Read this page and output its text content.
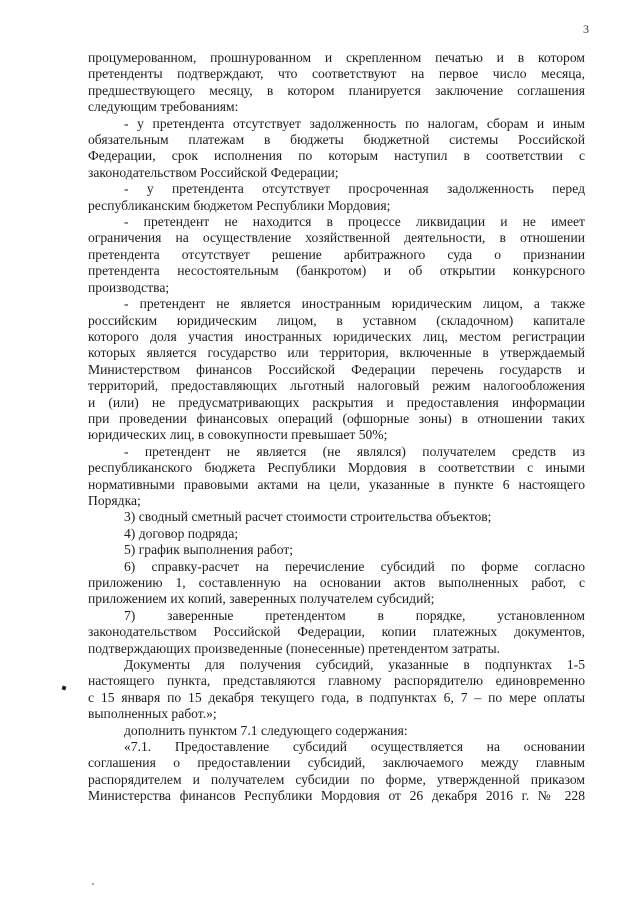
3
процумерованном, прошнурованном и скрепленном печатью и в котором
претенденты подтверждают, что соответствуют на первое число месяца,
предшествующего месяцу, в котором планируется заключение соглашения
следующим требованиям:
- у претендента отсутствует задолженность по налогам, сборам и иным
обязательным платежам в бюджеты бюджетной системы Российской
Федерации, срок исполнения по которым наступил в соответствии с
законодательством Российской Федерации;
- у претендента отсутствует просроченная задолженность перед
республиканским бюджетом Республики Мордовия;
- претендент не находится в процессе ликвидации и не имеет
ограничения на осуществление хозяйственной деятельности, в отношении
претендента отсутствует решение арбитражного суда о признании
претендента несостоятельным (банкротом) и об открытии конкурсного
производства;
- претендент не является иностранным юридическим лицом, а также
российским юридическим лицом, в уставном (складочном) капитале
которого доля участия иностранных юридических лиц, местом регистрации
которых является государство или территория, включенные в утверждаемый
Министерством финансов Российской Федерации перечень государств и
территорий, предоставляющих льготный налоговый режим налогообложения
и (или) не предусматривающих раскрытия и предоставления информации
при проведении финансовых операций (офшорные зоны) в отношении таких
юридических лиц, в совокупности превышает 50%;
- претендент не является (не являлся) получателем средств из
республиканского бюджета Республики Мордовия в соответствии с иными
нормативными правовыми актами на цели, указанные в пункте 6 настоящего
Порядка;
3) сводный сметный расчет стоимости строительства объектов;
4) договор подряда;
5) график выполнения работ;
6) справку-расчет на перечисление субсидий по форме согласно
приложению 1, составленную на основании актов выполненных работ, с
приложением их копий, заверенных получателем субсидий;
7) заверенные претендентом в порядке, установленном
законодательством Российской Федерации, копии платежных документов,
подтверждающих произведенные (понесенные) претендентом затраты.
Документы для получения субсидий, указанные в подпунктах 1-5
настоящего пункта, представляются главному распорядителю единовременно
с 15 января по 15 декабря текущего года, в подпунктах 6, 7 – по мере оплаты
выполненных работ.»;
дополнить пунктом 7.1 следующего содержания:
«7.1. Предоставление субсидий осуществляется на основании
соглашения о предоставлении субсидий, заключаемого между главным
распорядителем и получателем субсидии по форме, утвержденной приказом
Министерства финансов Республики Мордовия от 26 декабря 2016 г. № 228
